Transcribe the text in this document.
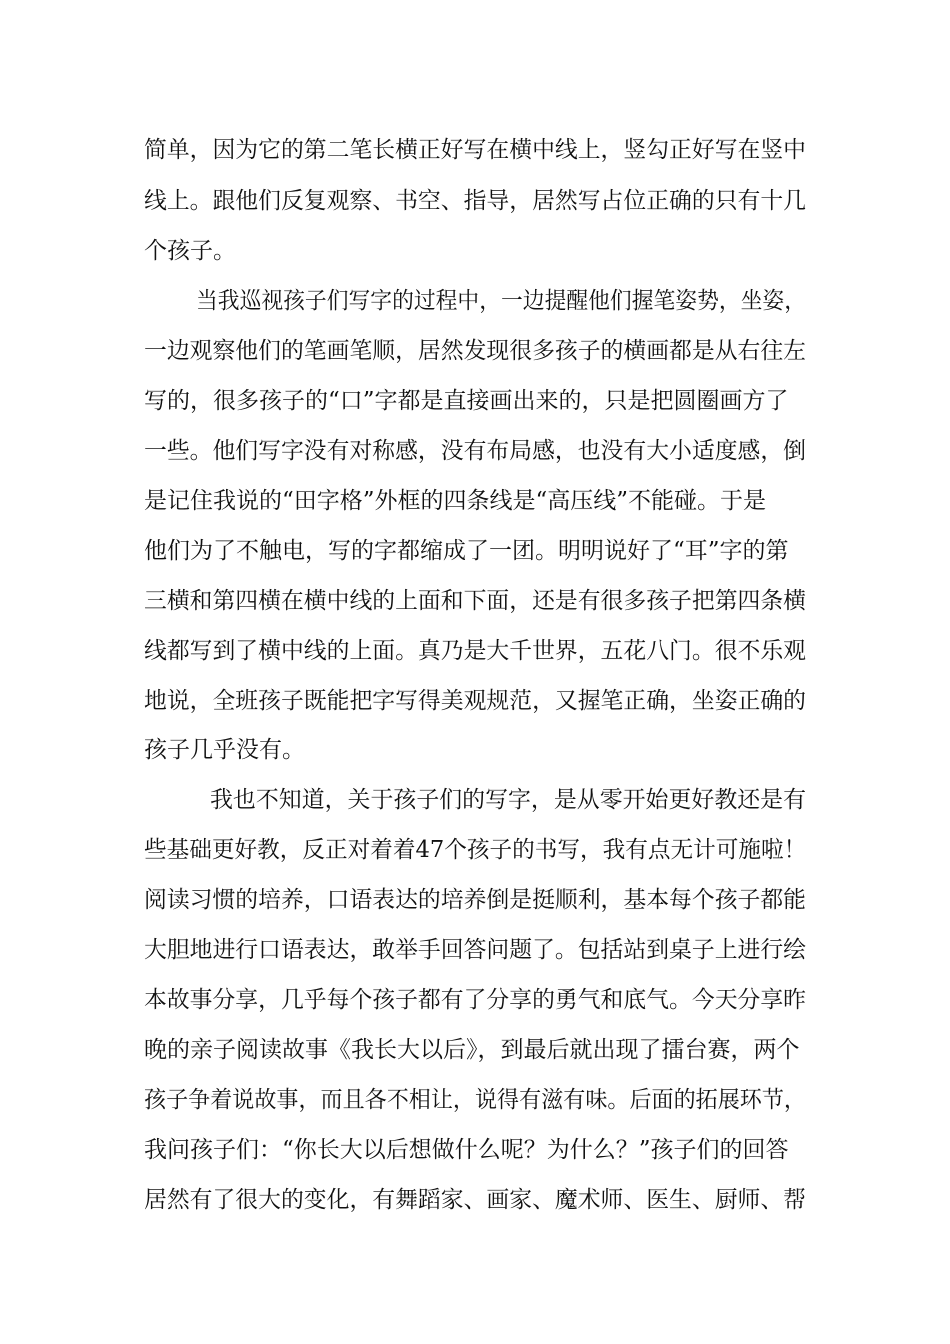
简单，因为它的第二笔长横正好写在横中线上，竖勾正好写在竖中
线上。跟他们反复观察、书空、指导，居然写占位正确的只有十几
个孩子。
当我巡视孩子们写字的过程中，一边提醒他们握笔姿势，坐姿，
一边观察他们的笔画笔顺，居然发现很多孩子的横画都是从右往左
写的，很多孩子的“口”字都是直接画出来的，只是把圆圈画方了
一些。他们写字没有对称感，没有布局感，也没有大小适度感，倒
是记住我说的“田字格”外框的四条线是“高压线”不能碰。于是
他们为了不触电，写的字都缩成了一团。明明说好了“耳”字的第
三横和第四横在横中线的上面和下面，还是有很多孩子把第四条横
线都写到了横中线的上面。真乃是大千世界，五花八门。很不乐观
地说，全班孩子既能把字写得美观规范，又握笔正确，坐姿正确的
孩子几乎没有。
我也不知道，关于孩子们的写字，是从零开始更好教还是有
些基础更好教，反正对着着47个孩子的书写，我有点无计可施啦！
阅读习惯的培养，口语表达的培养倒是挺顺利，基本每个孩子都能
大胆地进行口语表达，敢举手回答问题了。包括站到桌子上进行绘
本故事分享，几乎每个孩子都有了分享的勇气和底气。今天分享昨
晚的亲子阅读故事《我长大以后》，到最后就出现了擂台赛，两个
孩子争着说故事，而且各不相让，说得有滋有味。后面的拓展环节，
我问孩子们：“你长大以后想做什么呢？为什么？”孩子们的回答
居然有了很大的变化，有舞蹈家、画家、魔术师、医生、厨师、帮
